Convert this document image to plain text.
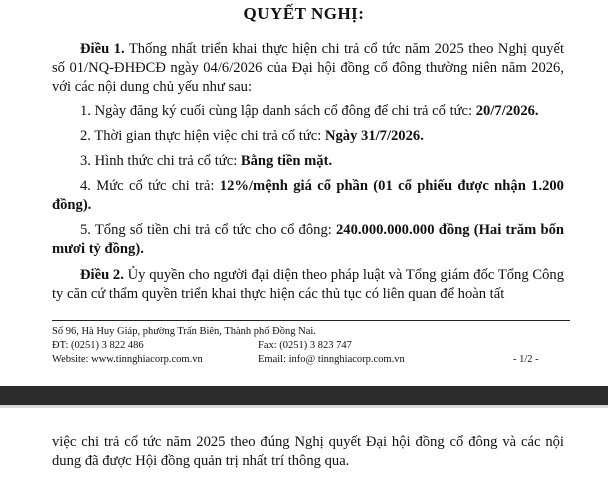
QUYẾT NGHỊ:
Điều 1. Thống nhất triển khai thực hiện chi trả cổ tức năm 2025 theo Nghị quyết số 01/NQ-ĐHĐCĐ ngày 04/6/2026 của Đại hội đồng cổ đông thường niên năm 2026, với các nội dung chủ yếu như sau:
1. Ngày đăng ký cuối cùng lập danh sách cổ đông để chi trả cổ tức: 20/7/2026.
2. Thời gian thực hiện việc chi trả cổ tức: Ngày 31/7/2026.
3. Hình thức chi trả cổ tức: Bằng tiền mặt.
4. Mức cổ tức chi trả: 12%/mệnh giá cổ phần (01 cổ phiếu được nhận 1.200 đồng).
5. Tổng số tiền chi trả cổ tức cho cổ đông: 240.000.000.000 đồng (Hai trăm bốn mươi tỷ đồng).
Điều 2. Ủy quyền cho người đại diện theo pháp luật và Tổng giám đốc Tổng Công ty căn cứ thẩm quyền triển khai thực hiện các thủ tục có liên quan để hoàn tất
Số 96, Hà Huy Giáp, phường Trấn Biên, Thành phố Đồng Nai.
ĐT: (0251) 3 822 486	Fax: (0251) 3 823 747
Website: www.tinnghiacorp.com.vn	Email: info@ tinnghiacorp.com.vn	- 1/2 -
việc chi trả cổ tức năm 2025 theo đúng Nghị quyết Đại hội đồng cổ đông và các nội dung đã được Hội đồng quản trị nhất trí thông qua.
